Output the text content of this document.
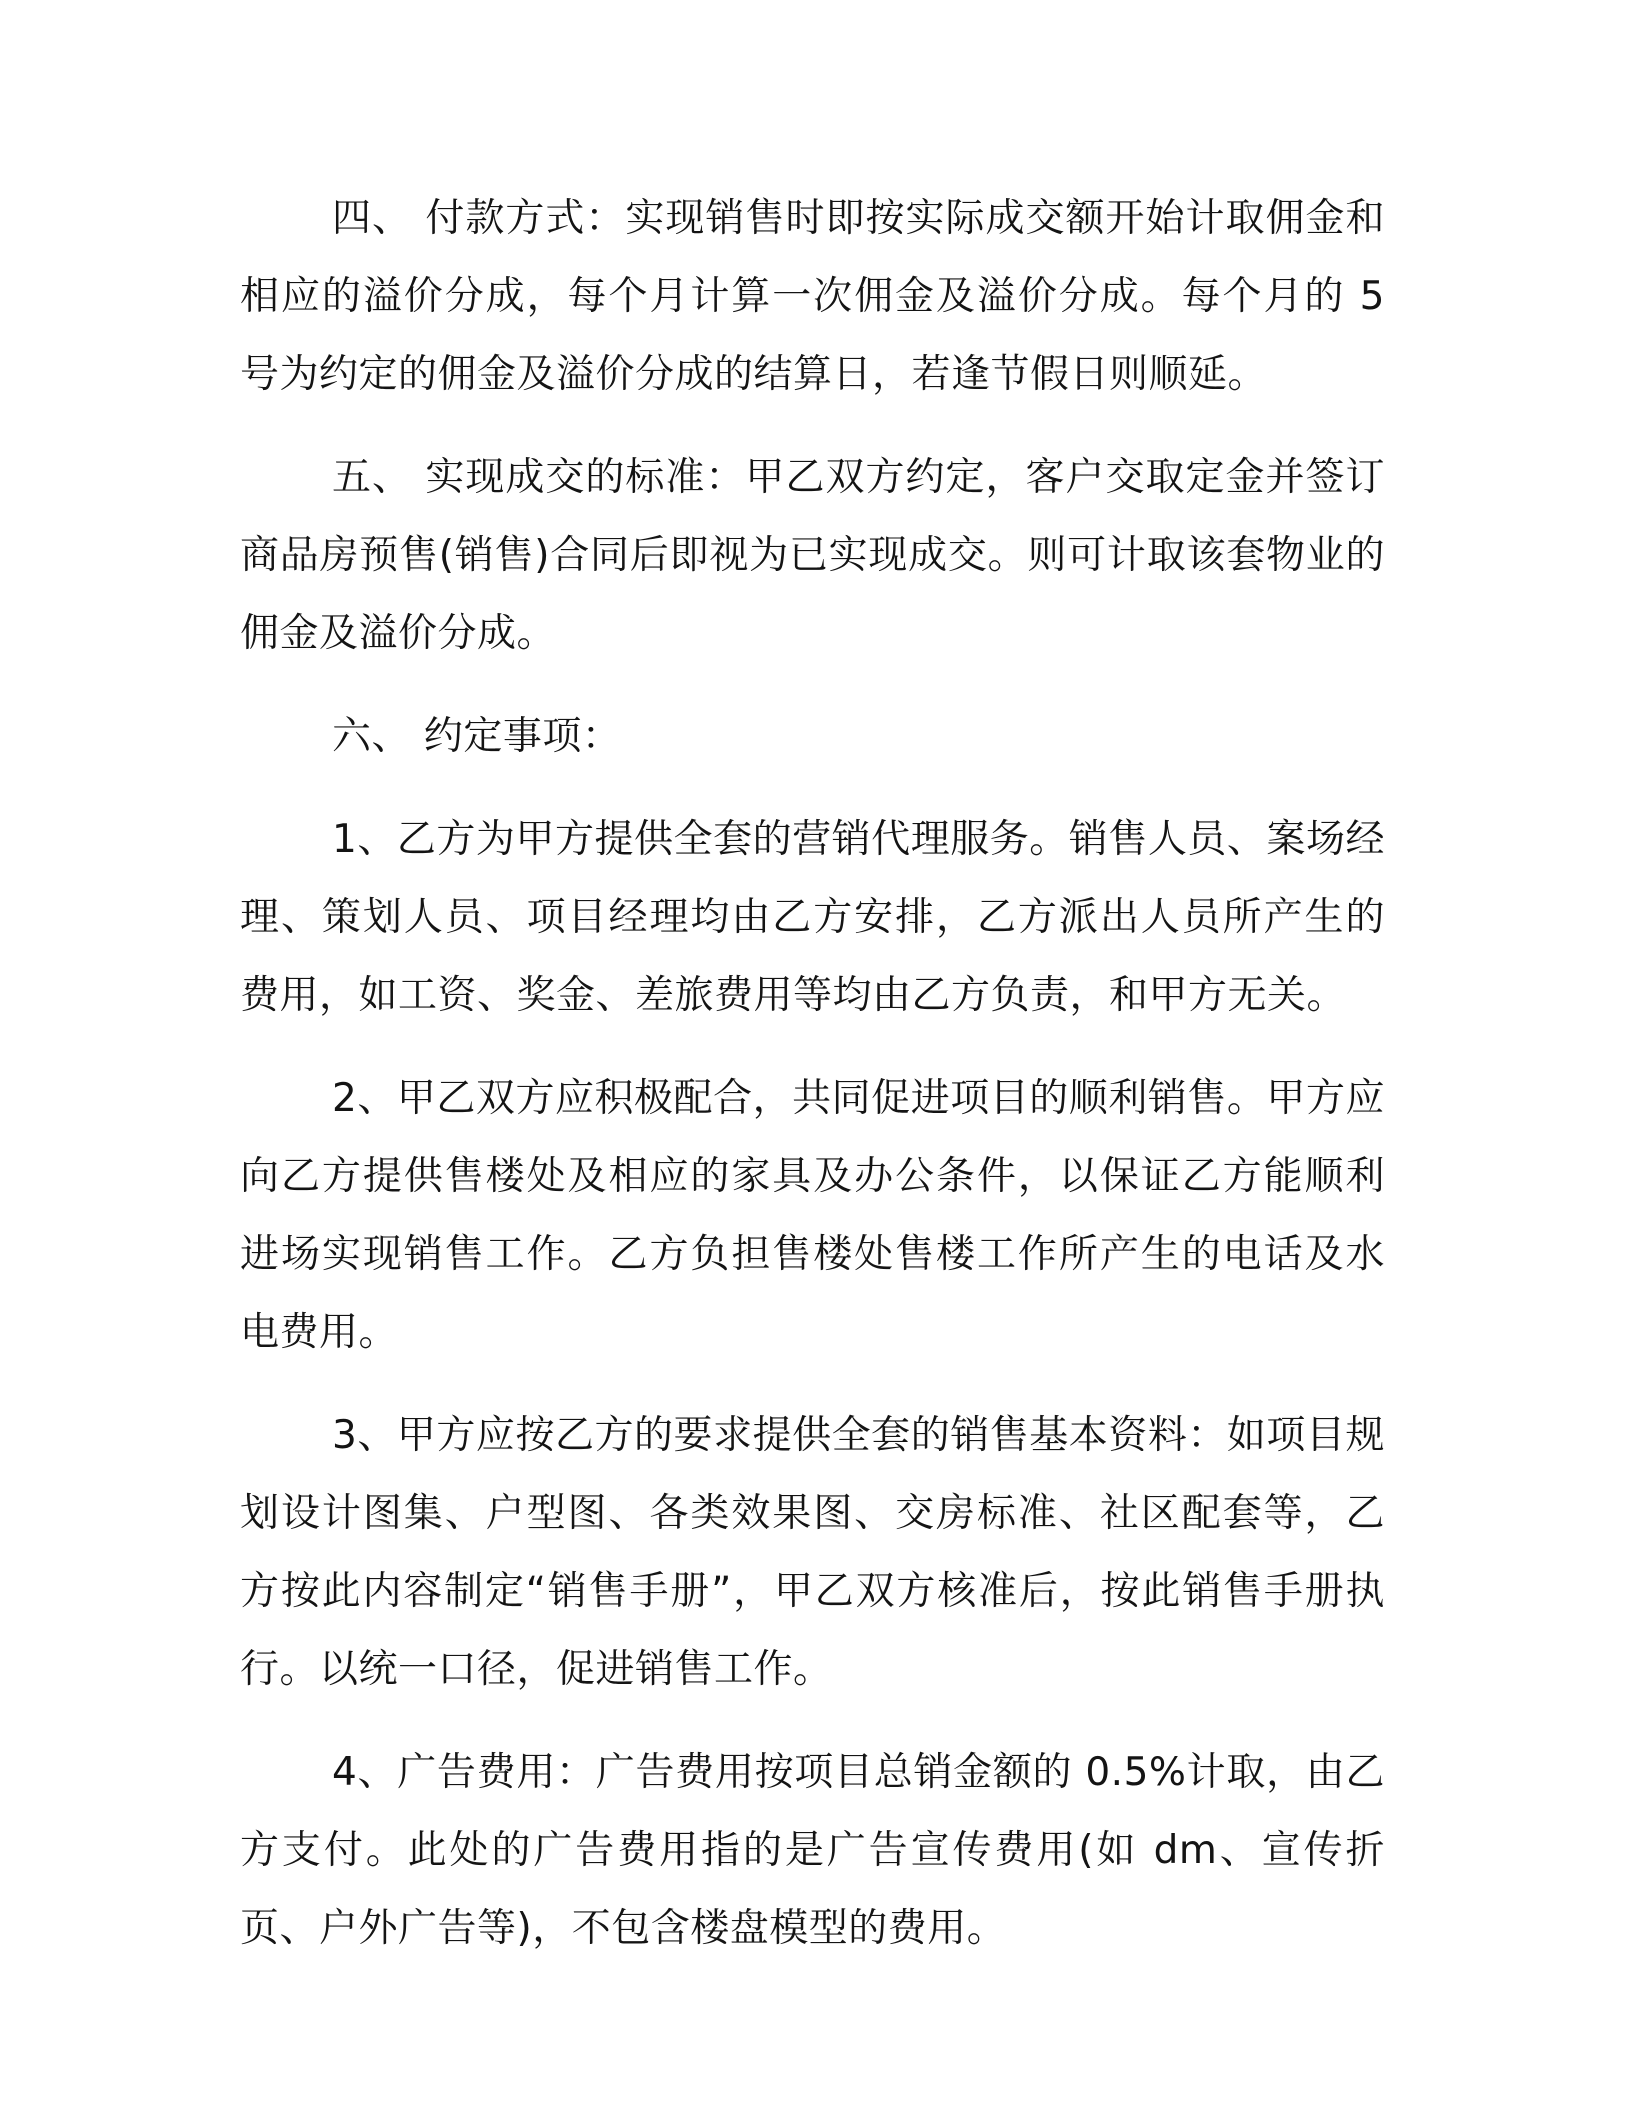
四、 付款方式：实现销售时即按实际成交额开始计取佣金和相应的溢价分成，每个月计算一次佣金及溢价分成。每个月的 5 号为约定的佣金及溢价分成的结算日，若逢节假日则顺延。

五、 实现成交的标准：甲乙双方约定，客户交取定金并签订商品房预售(销售)合同后即视为已实现成交。则可计取该套物业的佣金及溢价分成。

六、 约定事项：

1、乙方为甲方提供全套的营销代理服务。销售人员、案场经理、策划人员、项目经理均由乙方安排，乙方派出人员所产生的费用，如工资、奖金、差旅费用等均由乙方负责，和甲方无关。

2、甲乙双方应积极配合，共同促进项目的顺利销售。甲方应向乙方提供售楼处及相应的家具及办公条件，以保证乙方能顺利进场实现销售工作。乙方负担售楼处售楼工作所产生的电话及水电费用。

3、甲方应按乙方的要求提供全套的销售基本资料：如项目规划设计图集、户型图、各类效果图、交房标准、社区配套等，乙方按此内容制定“销售手册”，甲乙双方核准后，按此销售手册执行。以统一口径，促进销售工作。

4、广告费用：广告费用按项目总销金额的 0.5%计取，由乙方支付。此处的广告费用指的是广告宣传费用(如 dm、宣传折页、户外广告等)，不包含楼盘模型的费用。
